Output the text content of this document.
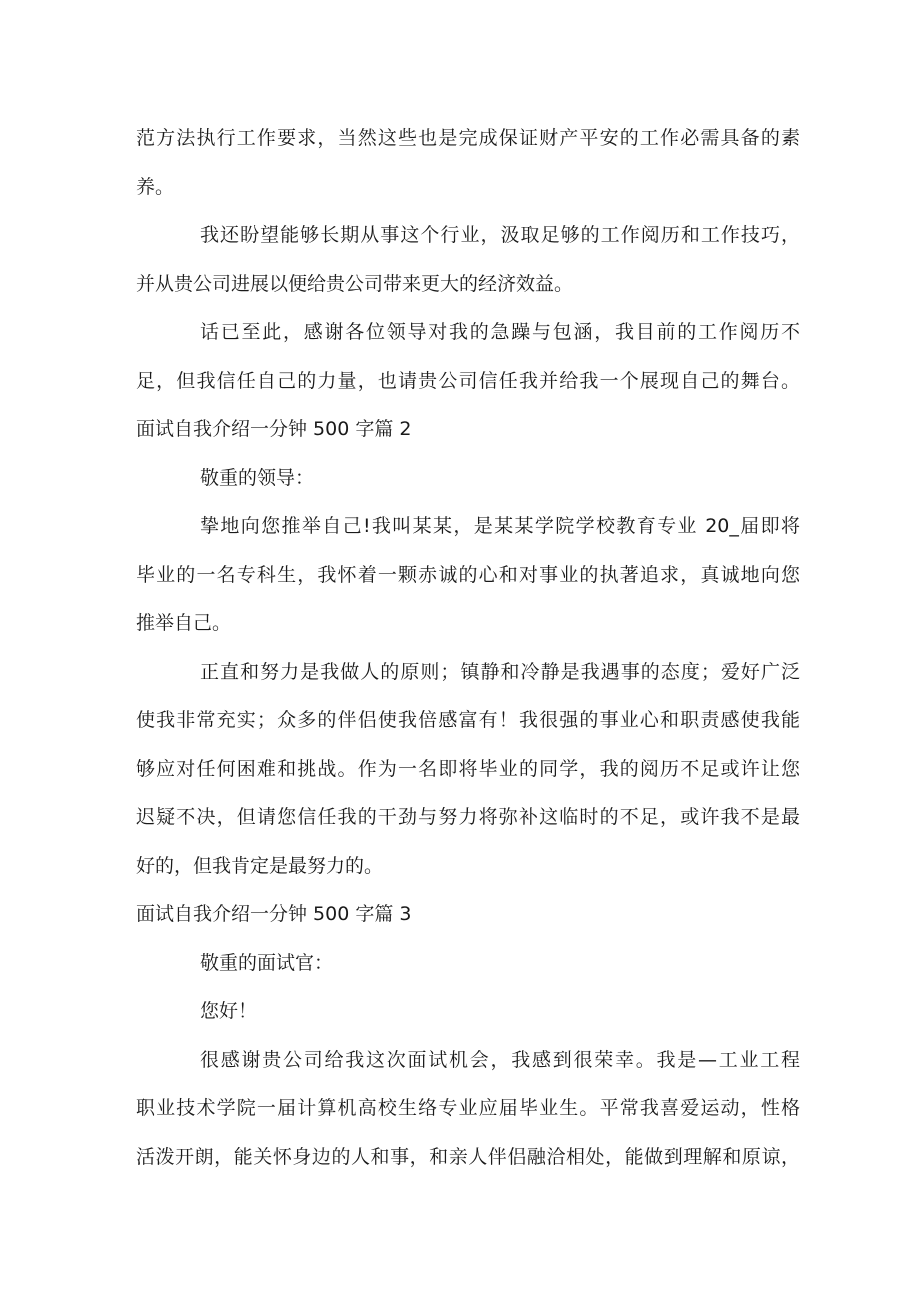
范方法执行工作要求，当然这些也是完成保证财产平安的工作必需具备的素
养。
我还盼望能够长期从事这个行业，汲取足够的工作阅历和工作技巧，
并从贵公司进展以便给贵公司带来更大的经济效益。
话已至此，感谢各位领导对我的急躁与包涵，我目前的工作阅历不
足，但我信任自己的力量，也请贵公司信任我并给我一个展现自己的舞台。
面试自我介绍一分钟 500 字篇 2
敬重的领导：
挚地向您推举自己!我叫某某，是某某学院学校教育专业 20_届即将
毕业的一名专科生，我怀着一颗赤诚的心和对事业的执著追求，真诚地向您
推举自己。
正直和努力是我做人的原则；镇静和冷静是我遇事的态度；爱好广泛
使我非常充实；众多的伴侣使我倍感富有！我很强的事业心和职责感使我能
够应对任何困难和挑战。作为一名即将毕业的同学，我的阅历不足或许让您
迟疑不决，但请您信任我的干劲与努力将弥补这临时的不足，或许我不是最
好的，但我肯定是最努力的。
面试自我介绍一分钟 500 字篇 3
敬重的面试官：
您好！
很感谢贵公司给我这次面试机会，我感到很荣幸。我是—工业工程
职业技术学院一届计算机高校生络专业应届毕业生。平常我喜爱运动，性格
活泼开朗，能关怀身边的人和事，和亲人伴侣融洽相处，能做到理解和原谅，
